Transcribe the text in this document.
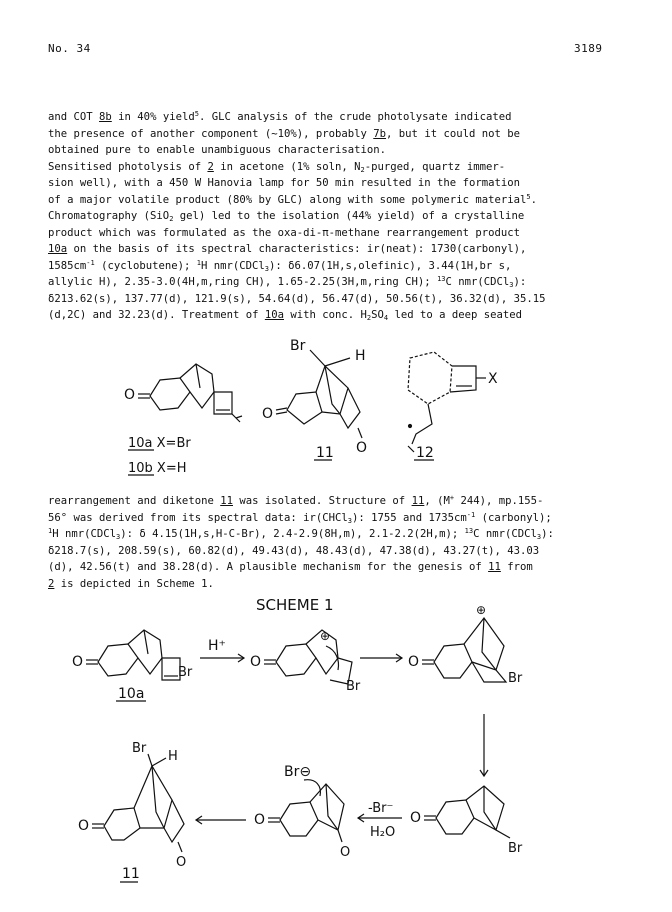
No. 34	3189
and COT 8b in 40% yield$^5$. GLC analysis of the crude photolysate indicated
the presence of another component (~10%), probably 7b, but it could not be
obtained pure to enable unambiguous characterisation.
Sensitised photolysis of 2 in acetone (1% soln, $N_2$-purged, quartz immer-
sion well), with a 450 W Hanovia lamp for 50 min resulted in the formation
of a major volatile product (80% by GLC) along with some polymeric material$^5$.
Chromatography (SiO$_2$ gel) led to the isolation (44% yield) of a crystalline
product which was formulated as the oxa-di-π-methane rearrangement product
10a on the basis of its spectral characteristics: ir(neat): 1730(carbonyl),
$1585cm^{-1}$ (cyclobutene); $^1$H nmr(CDCl$_3$): δ6.07(1H,s,olefinic), 3.44(1H,br s,
allylic H), 2.35-3.0(4H,m,ring CH), 1.65-2.25(3H,m,ring CH); $^{13}$C nmr(CDCl$_3$):
δ213.62(s), 137.77(d), 121.9(s), 54.64(d), 56.47(d), 50.56(t), 36.32(d), 35.15
(d,2C) and 32.23(d). Treatment of 10a with conc. $H_2SO_4$ led to a deep seated
O
10a X=Br
10b X=H
Br
H
O
O
11
X
12
rearrangement and diketone 11 was isolated. Structure of 11, (M+ 244), mp.155-
56° was derived from its spectral data: ir(CHCl$_3$): 1755 and $1735cm^{-1}$ (carbonyl);
$^1$H nmr(CDCl$_3$): δ 4.15(1H,s,H-C-Br), 2.4-2.9(8H,m), 2.1-2.2(2H,m); $^{13}$C nmr(CDCl$_3$):
δ218.7(s), 208.59(s), 60.82(d), 49.43(d), 48.43(d), 47.38(d), 43.27(t), 43.03
(d), 42.56(t) and 38.28(d). A plausible mechanism for the genesis of 11 from
2 is depicted in Scheme 1.
SCHEME 1
O
Br
10a
H⁺
O
⊕
Br
O
⊕
Br
O
Br
-Br⁻
H₂O
Br⊖
O
O
Br
H
O
O
11
